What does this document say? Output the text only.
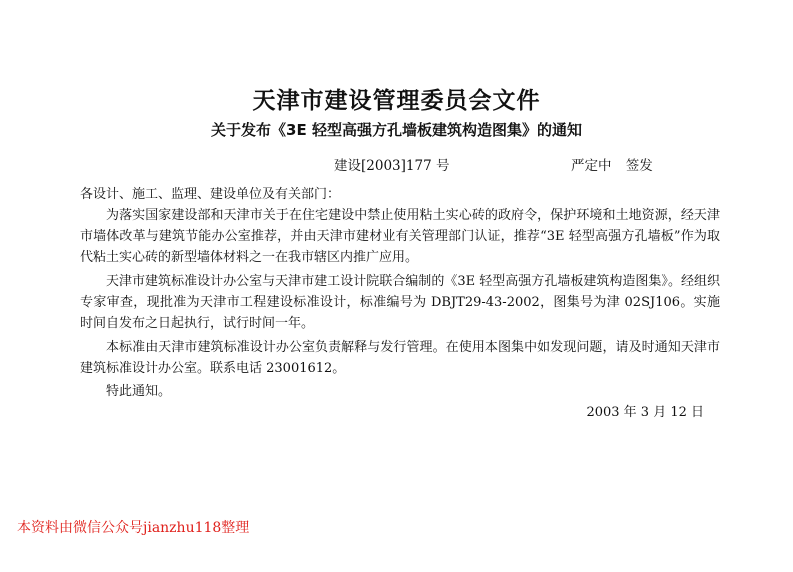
天津市建设管理委员会文件
关于发布《3E 轻型高强方孔墙板建筑构造图集》的通知
建设[2003]177 号	严定中 签发
各设计、施工、监理、建设单位及有关部门：
为落实国家建设部和天津市关于在住宅建设中禁止使用粘土实心砖的政府令，保护环境和土地资源，经天津市墙体改革与建筑节能办公室推荐，并由天津市建材业有关管理部门认证，推荐“3E 轻型高强方孔墙板”作为取代粘土实心砖的新型墙体材料之一在我市辖区内推广应用。
天津市建筑标准设计办公室与天津市建工设计院联合编制的《3E 轻型高强方孔墙板建筑构造图集》。经组织专家审查，现批准为天津市工程建设标准设计，标准编号为 DBJT29-43-2002，图集号为津 02SJ106。实施时间自发布之日起执行，试行时间一年。
本标准由天津市建筑标准设计办公室负责解释与发行管理。在使用本图集中如发现问题，请及时通知天津市建筑标准设计办公室。联系电话 23001612。
特此通知。
2003 年 3 月 12 日
本资料由微信公众号jianzhu118整理
